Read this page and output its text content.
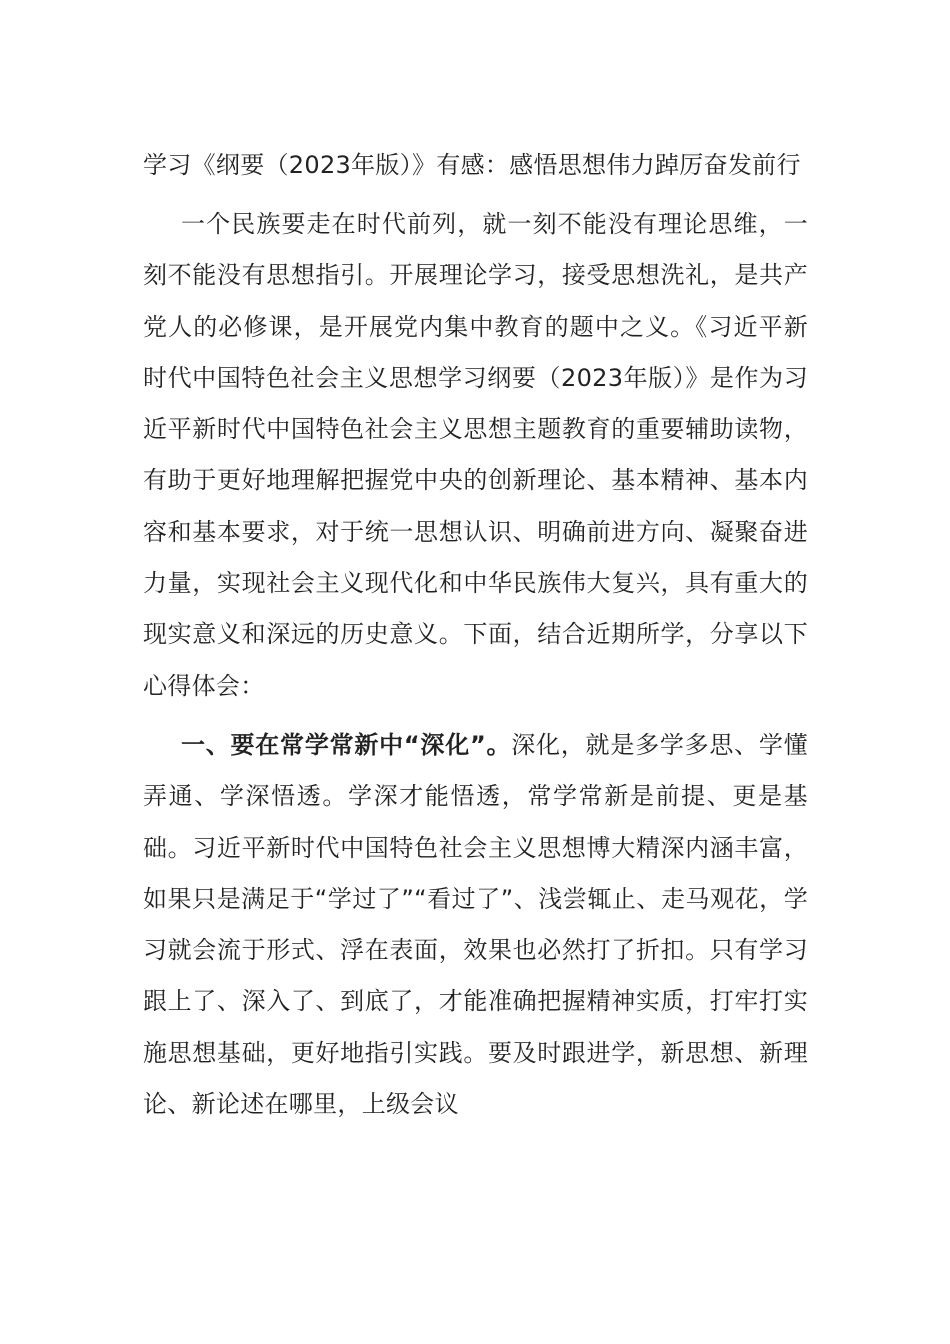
学习《纲要（2023年版）》有感：感悟思想伟力踔厉奋发前行

一个民族要走在时代前列，就一刻不能没有理论思维，一刻不能没有思想指引。开展理论学习，接受思想洗礼，是共产党人的必修课，是开展党内集中教育的题中之义。《习近平新时代中国特色社会主义思想学习纲要（2023年版）》是作为习近平新时代中国特色社会主义思想主题教育的重要辅助读物，有助于更好地理解把握党中央的创新理论、基本精神、基本内容和基本要求，对于统一思想认识、明确前进方向、凝聚奋进力量，实现社会主义现代化和中华民族伟大复兴，具有重大的现实意义和深远的历史意义。下面，结合近期所学，分享以下心得体会：

一、要在常学常新中“深化”。深化，就是多学多思、学懂弄通、学深悟透。学深才能悟透，常学常新是前提、更是基础。习近平新时代中国特色社会主义思想博大精深内涵丰富，如果只是满足于“学过了”“看过了”、浅尝辄止、走马观花，学习就会流于形式、浮在表面，效果也必然打了折扣。只有学习跟上了、深入了、到底了，才能准确把握精神实质，打牢打实施思想基础，更好地指引实践。要及时跟进学，新思想、新理论、新论述在哪里，上级会议
